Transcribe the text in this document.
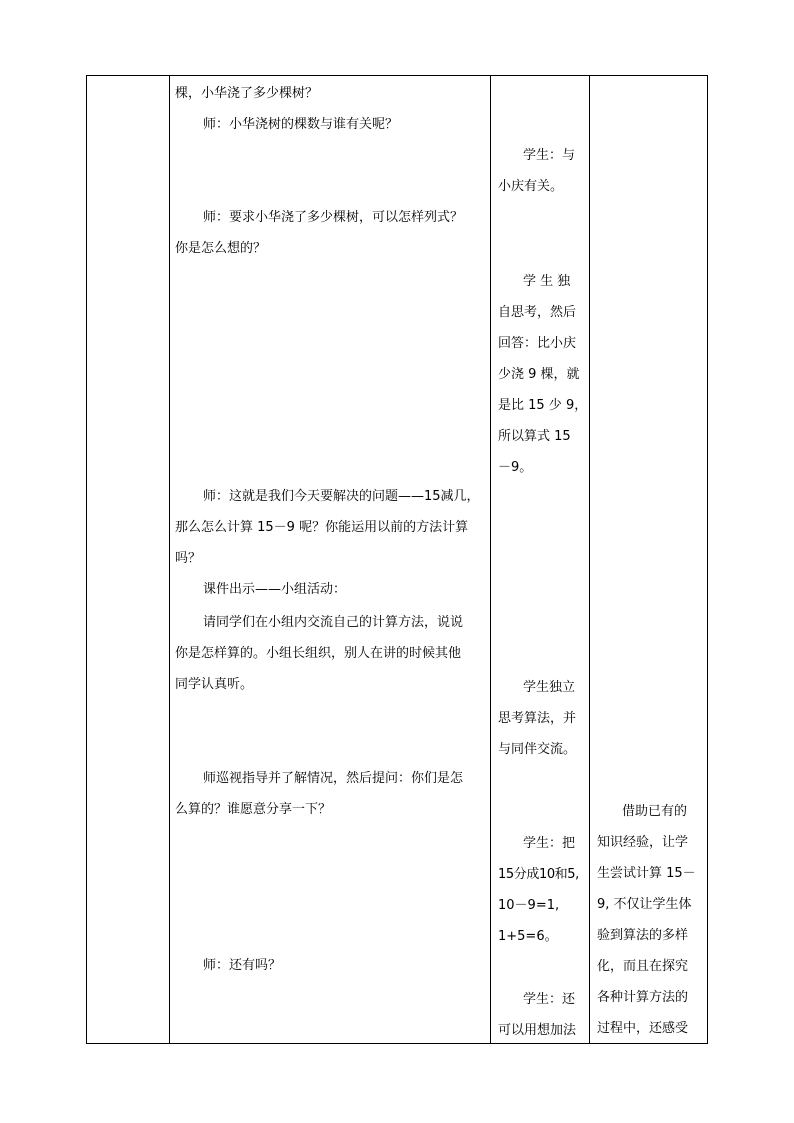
棵，小华浇了多少棵树？
师：小华浇树的棵数与谁有关呢？
师：要求小华浇了多少棵树，可以怎样列式？
你是怎么想的？
师：这就是我们今天要解决的问题——15减几，
那么怎么计算 15－9 呢？你能运用以前的方法计算
吗？
课件出示——小组活动：
请同学们在小组内交流自己的计算方法，说说
你是怎样算的。小组长组织，别人在讲的时候其他
同学认真听。
师巡视指导并了解情况，然后提问：你们是怎
么算的？谁愿意分享一下？
师：还有吗？
学生：与
小庆有关。
学 生 独
自思考，然后
回答：比小庆
少浇 9 棵，就
是比 15 少 9，
所以算式 15
－9。
学生独立
思考算法，并
与同伴交流。
学生：把
15分成10和5,
10－9=1,
1+5=6。
学生：还
可以用想加法
借助已有的
知识经验，让学
生尝试计算 15－
9, 不仅让学生体
验到算法的多样
化，而且在探究
各种计算方法的
过程中，还感受
